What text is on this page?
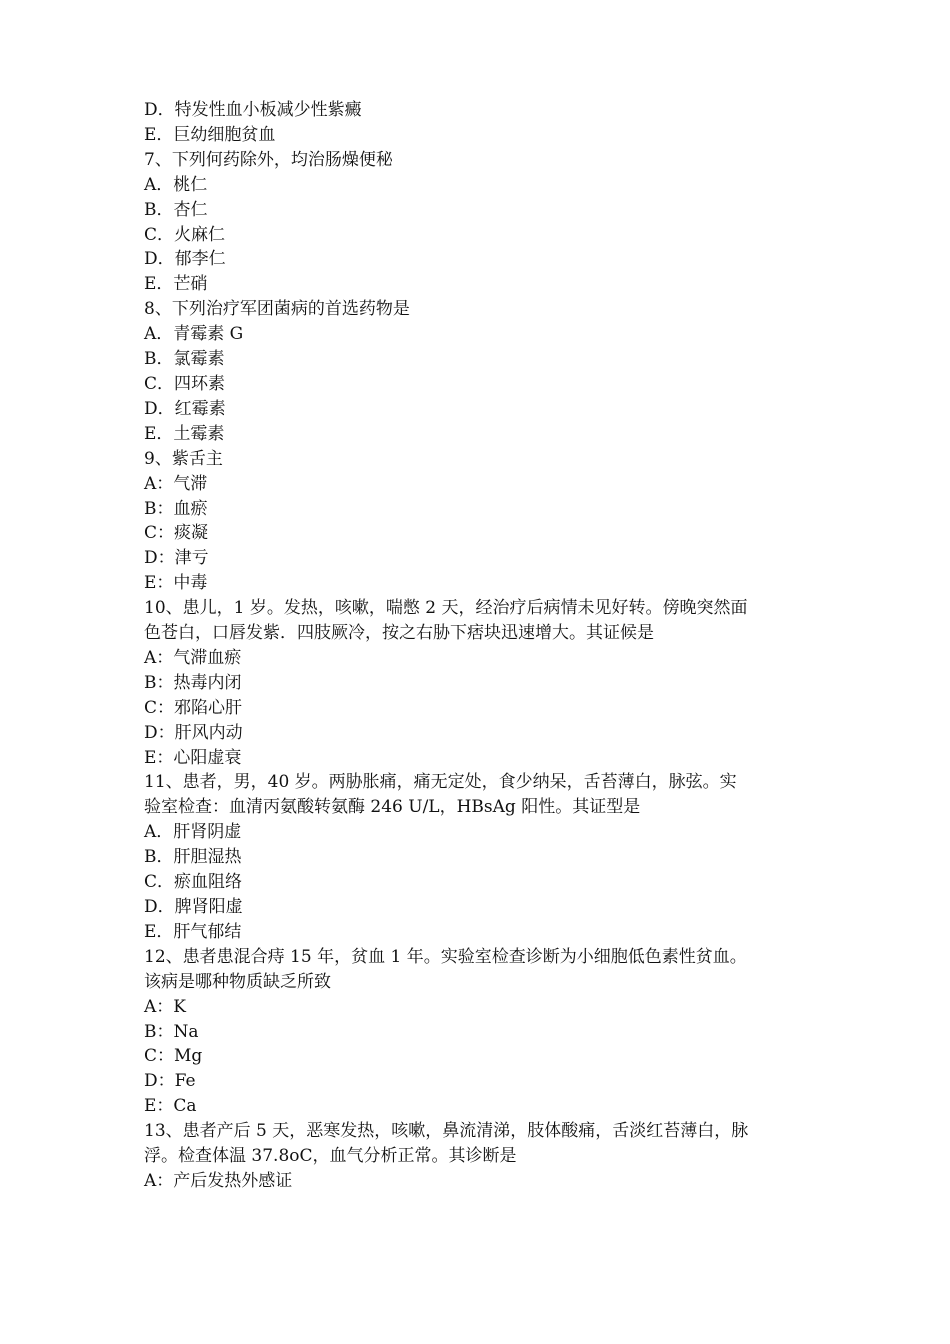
D．特发性血小板减少性紫癜

E．巨幼细胞贫血

7、下列何药除外，均治肠燥便秘

A．桃仁

B．杏仁

C．火麻仁

D．郁李仁

E．芒硝

8、下列治疗军团菌病的首选药物是

A．青霉素 G

B．氯霉素

C．四环素

D．红霉素

E．土霉素

9、紫舌主

A：气滞

B：血瘀

C：痰凝

D：津亏

E：中毒

10、患儿，1 岁。发热，咳嗽，喘憋 2 天，经治疗后病情未见好转。傍晚突然面

色苍白，口唇发紫．四肢厥冷，按之右胁下痞块迅速增大。其证候是

A：气滞血瘀

B：热毒内闭

C：邪陷心肝

D：肝风内动

E：心阳虚衰

11、患者，男，40 岁。两胁胀痛，痛无定处，食少纳呆，舌苔薄白，脉弦。实

验室检查：血清丙氨酸转氨酶 246 U/L，HBsAg 阳性。其证型是

A．肝肾阴虚

B．肝胆湿热

C．瘀血阻络

D．脾肾阳虚

E．肝气郁结

12、患者患混合痔 15 年，贫血 1 年。实验室检查诊断为小细胞低色素性贫血。

该病是哪种物质缺乏所致

A：K

B：Na

C：Mg

D：Fe

E：Ca

13、患者产后 5 天，恶寒发热，咳嗽，鼻流清涕，肢体酸痛，舌淡红苔薄白，脉

浮。检查体温 37.8oC，血气分析正常。其诊断是

A：产后发热外感证
